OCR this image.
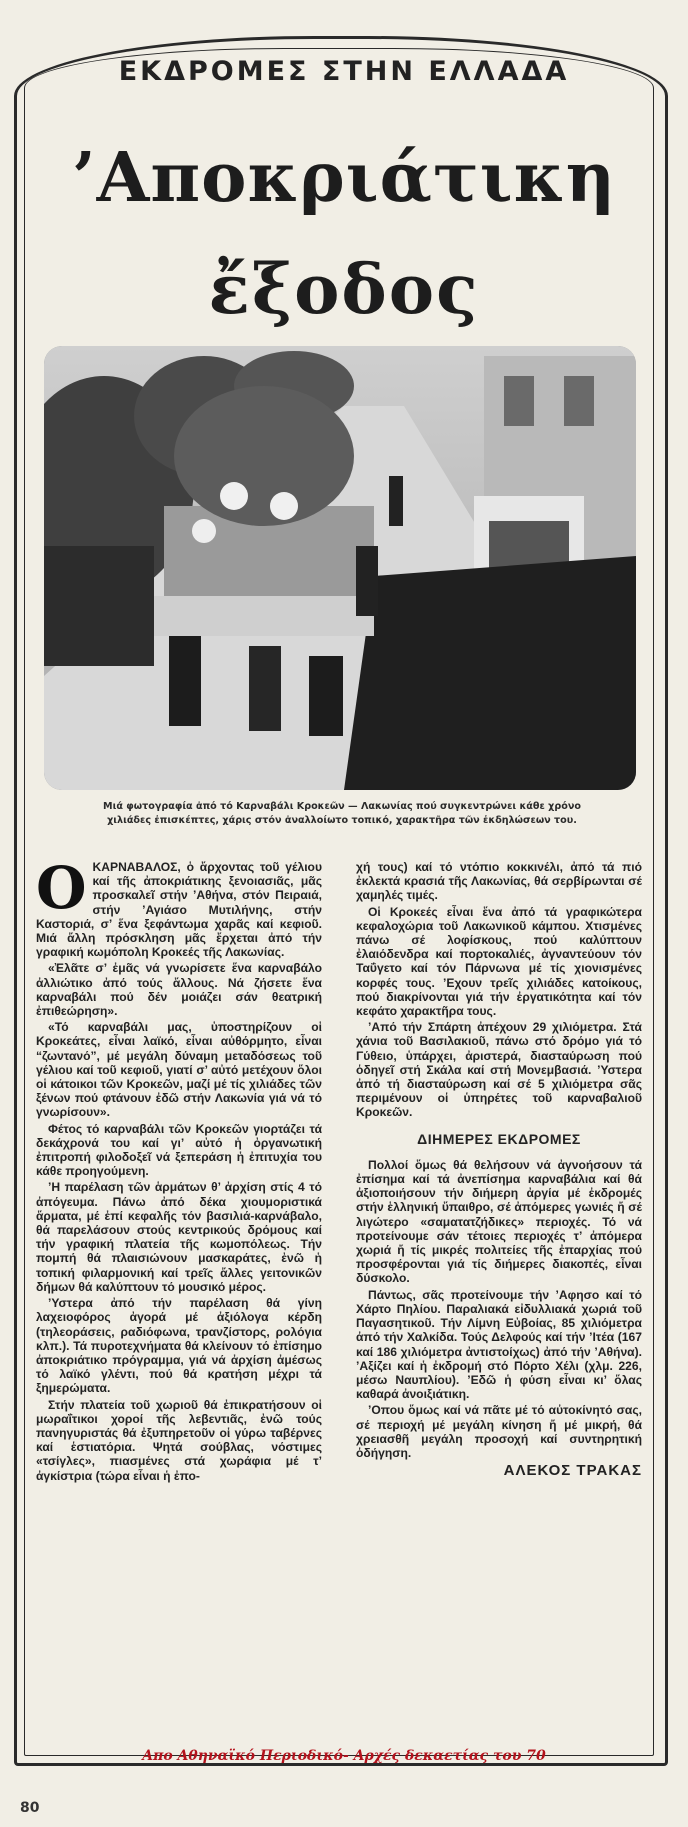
ΕΚΔΡΟΜΕΣ ΣΤΗΝ ΕΛΛΑΔΑ
’Αποκριάτικη
ἔξοδος
Μιά φωτογραφία ἀπό τό Καρναβάλι Κροκεῶν — Λακωνίας πού συγκεντρώνει κάθε χρόνο χιλιάδες ἐπισκέπτες, χάρις στόν ἀναλλοίωτο τοπικό, χαρακτῆρα τῶν ἐκδηλώσεων του.

ΟΚΑΡΝΑΒΑΛΟΣ, ὁ ἄρχοντας τοῦ γέλιου καί τῆς ἀποκριάτικης ξενοιασιᾶς, μᾶς προσκαλεῖ στήν ’Αθήνα, στόν Πειραιά, στήν ’Αγιάσο Μυτιλήνης, στήν Καστοριά, σ’ ἕνα ξεφάντωμα χαρᾶς καί κεφιοῦ. Μιά ἄλλη πρόσκληση μᾶς ἔρχεται ἀπό τήν γραφική κωμόπολη Κροκεές τῆς Λακωνίας.

«Ἐλᾶτε σ’ ἐμᾶς νά γνωρίσετε ἕνα καρναβάλο ἀλλιώτικο ἀπό τούς ἄλλους. Νά ζήσετε ἕνα καρναβάλι πού δέν μοιάζει σάν θεατρική ἐπιθεώρηση».

«Τό καρναβάλι μας, ὑποστηρίζουν οἱ Κροκεάτες, εἶναι λαϊκό, εἶναι αὐθόρμητο, εἶναι “ζωντανό”, μέ μεγάλη δύναμη μεταδόσεως τοῦ γέλιου καί τοῦ κεφιοῦ, γιατί σ’ αὐτό μετέχουν ὅλοι οἱ κάτοικοι τῶν Κροκεῶν, μαζί μέ τίς χιλιάδες τῶν ξένων πού φτάνουν ἐδῶ στήν Λακωνία γιά νά τό γνωρίσουν».

Φέτος τό καρναβάλι τῶν Κροκεῶν γιορτάζει τά δεκάχρονά του καί γι’ αὐτό ἡ ὀργανωτική ἐπιτροπή φιλοδοξεῖ νά ξεπεράση ἡ ἐπιτυχία του κάθε προηγούμενη.

’Η παρέλαση τῶν ἁρμάτων θ’ ἀρχίση στίς 4 τό ἀπόγευμα. Πάνω ἀπό δέκα χιουμοριστικά ἅρματα, μέ ἐπί κεφαλῆς τόν βασιλιά-καρνάβαλο, θά παρελάσουν στούς κεντρικούς δρόμους καί τήν γραφική πλατεία τῆς κωμοπόλεως. Τήν πομπή θά πλαισιώνουν μασκαράτες, ἐνῶ ἡ τοπική φιλαρμονική καί τρεῖς ἄλλες γειτονικῶν δήμων θά καλύπτουν τό μουσικό μέρος.

’Υστερα ἀπό τήν παρέλαση θά γίνη λαχειοφόρος ἀγορά μέ ἀξιόλογα κέρδη (τηλεοράσεις, ραδιόφωνα, τρανζίστορς, ρολόγια κλπ.). Τά πυροτεχνήματα θά κλείνουν τό ἐπίσημο ἀποκριάτικο πρόγραμμα, γιά νά ἀρχίση ἀμέσως τό λαϊκό γλέντι, πού θά κρατήση μέχρι τά ξημερώματα.

Στήν πλατεία τοῦ χωριοῦ θά ἐπικρατήσουν οἱ μωραΐτικοι χοροί τῆς λεβεντιᾶς, ἐνῶ τούς πανηγυριστάς θά ἐξυπηρετοῦν οἱ γύρω ταβέρνες καί ἑστιατόρια. Ψητά σούβλας, νόστιμες «τσίγλες», πιασμένες στά χωράφια μέ τ’ ἀγκίστρια (τώρα εἶναι ἡ ἐπο-

χή τους) καί τό ντόπιο κοκκινέλι, ἀπό τά πιό ἐκλεκτά κρασιά τῆς Λακωνίας, θά σερβίρωνται σέ χαμηλές τιμές.

Οἱ Κροκεές εἶναι ἕνα ἀπό τά γραφικώτερα κεφαλοχώρια τοῦ Λακωνικοῦ κάμπου. Χτισμένες πάνω σέ λοφίσκους, πού καλύπτουν ἐλαιόδενδρα καί πορτοκαλιές, ἀγναντεύουν τόν Ταΰγετο καί τόν Πάρνωνα μέ τίς χιονισμένες κορφές τους. ’Εχουν τρεῖς χιλιάδες κατοίκους, πού διακρίνονται γιά τήν ἐργατικότητα καί τόν κεφάτο χαρακτῆρα τους.

’Από τήν Σπάρτη ἀπέχουν 29 χιλιόμετρα. Στά χάνια τοῦ Βασιλακιοῦ, πάνω στό δρόμο γιά τό Γύθειο, ὑπάρχει, ἀριστερά, διασταύρωση πού ὁδηγεῖ στή Σκάλα καί στή Μονεμβασιά. ’Υστερα ἀπό τή διασταύρωση καί σέ 5 χιλιόμετρα σᾶς περιμένουν οἱ ὑπηρέτες τοῦ καρναβαλιοῦ Κροκεῶν.

ΔΙΗΜΕΡΕΣ ΕΚΔΡΟΜΕΣ

Πολλοί ὅμως θά θελήσουν νά ἀγνοήσουν τά ἐπίσημα καί τά ἀνεπίσημα καρναβάλια καί θά ἀξιοποιήσουν τήν διήμερη ἀργία μέ ἐκδρομές στήν ἑλληνική ὕπαιθρο, σέ ἀπόμερες γωνιές ἤ σέ λιγώτερο «σαματατζήδικες» περιοχές. Τό νά προτείνουμε σάν τέτοιες περιοχές τ’ ἀπόμερα χωριά ἤ τίς μικρές πολιτείες τῆς ἐπαρχίας πού προσφέρονται γιά τίς διήμερες διακοπές, εἶναι δύσκολο.

Πάντως, σᾶς προτείνουμε τήν ’Αφησο καί τό Χάρτο Πηλίου. Παραλιακά εἰδυλλιακά χωριά τοῦ Παγασητικοῦ. Τήν Λίμνη Εὐβοίας, 85 χιλιόμετρα ἀπό τήν Χαλκίδα. Τούς Δελφούς καί τήν ’Ιτέα (167 καί 186 χιλιόμετρα ἀντιστοίχως) ἀπό τήν ’Αθήνα). ’Αξίζει καί ἡ ἐκδρομή στό Πόρτο Χέλι (χλμ. 226, μέσω Ναυπλίου). ’Εδῶ ἡ φύση εἶναι κι’ ὅλας καθαρά ἀνοιξιάτικη.

’Οπου ὅμως καί νά πᾶτε μέ τό αὐτοκίνητό σας, σέ περιοχή μέ μεγάλη κίνηση ἤ μέ μικρή, θά χρειασθῆ μεγάλη προσοχή καί συντηρητική ὁδήγηση.

ΑΛΕΚΟΣ ΤΡΑΚΑΣ
Απο Αθηναϊκό Περιοδικό- Αρχές δεκαετίας του 70
80
